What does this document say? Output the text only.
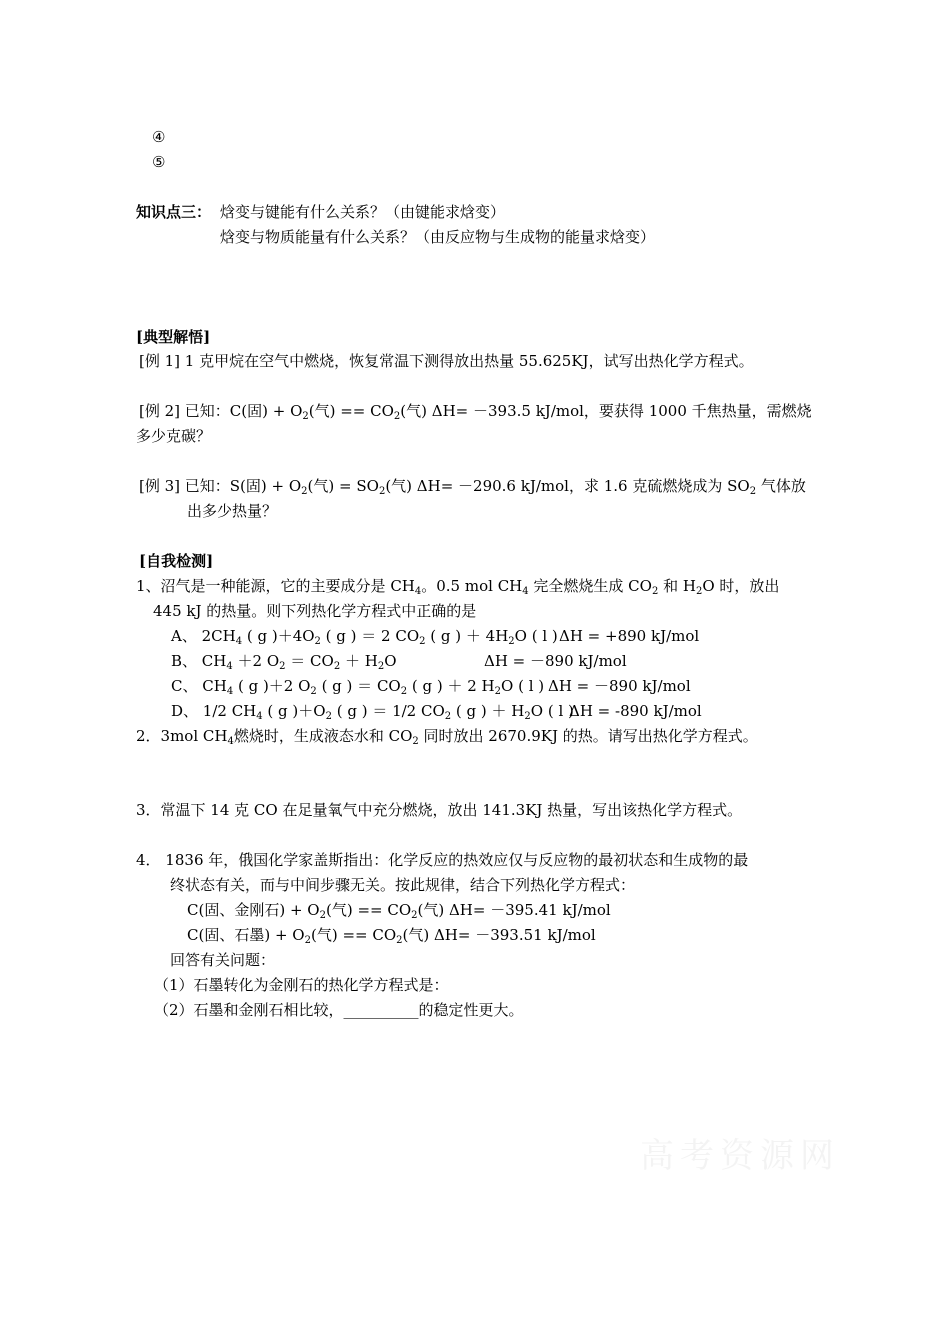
④
⑤
知识点三： 焓变与键能有什么关系？（由键能求焓变）
焓变与物质能量有什么关系？（由反应物与生成物的能量求焓变）
[典型解悟]
[例 1] 1 克甲烷在空气中燃烧，恢复常温下测得放出热量 55.625KJ，试写出热化学方程式。
[例 2] 已知：C(固) + $O_2$(气) == $CO_2$(气) ΔH= －393.5 kJ/mol，要获得 1000 千焦热量，需燃烧
多少克碳？
[例 3] 已知：S(固) + $O_2$(气) = $SO_2$(气) ΔH= －290.6 kJ/mol，求 1.6 克硫燃烧成为 $SO_2$ 气体放
出多少热量？
[自我检测]
1、沼气是一种能源，它的主要成分是 $CH_4$。0.5 mol $CH_4$ 完全燃烧生成 $CO_2$ 和 $H_2O$ 时，放出
445 kJ 的热量。则下列热化学方程式中正确的是
A、 $2CH_4$ ( g )$+4O_2$ ( g ) ＝ 2 $CO_2$ ( g ) ＋ $4H_2O$ ( l ) ΔH = +890 kJ/mol
B、 $CH_4 +2$ $O_2 = CO_2 + H_2O$	ΔH = －890 kJ/mol
C、 $CH_4$ ( g )＋2 $O_2$ ( g ) ＝ $CO_2$ ( g ) ＋ 2 $H_2O$ ( l ) ΔH = －890 kJ/mol
D、 1/2 $CH_4$ ( g )$+O_2$ ( g ) ＝ 1/2 $CO_2$ ( g ) ＋ $H_2O$ ( l )
ΔH = -890 kJ/mol
2．3mol $CH_4$燃烧时，生成液态水和 $CO_2$ 同时放出 2670.9KJ 的热。请写出热化学方程式。
3．常温下 14 克 CO 在足量氧气中充分燃烧，放出 141.3KJ 热量，写出该热化学方程式。
4． 1836 年，俄国化学家盖斯指出：化学反应的热效应仅与反应物的最初状态和生成物的最
终状态有关，而与中间步骤无关。按此规律，结合下列热化学方程式：
C(固、金刚石) + $O_2$(气) == $CO_2$(气) ΔH= －395.41 kJ/mol
C(固、石墨) + $O_2$(气) == $CO_2$(气) ΔH= －393.51 kJ/mol
回答有关问题：
（1）石墨转化为金刚石的热化学方程式是：
（2）石墨和金刚石相比较，__________的稳定性更大。
高考资源网
